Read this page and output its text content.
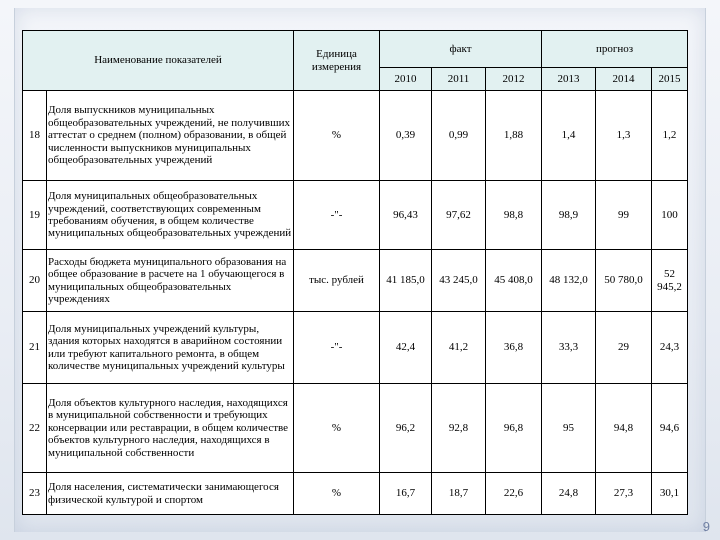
Наименование показателей		Единица измерения	факт			прогноз		
			2010	2011	2012	2013	2014	2015
18	Доля выпускников муниципальных общеобразовательных учреждений, не получивших аттестат о среднем (полном) образовании, в общей численности выпускников муниципальных общеобразовательных учреждений	%	0,39	0,99	1,88	1,4	1,3	1,2
19	Доля муниципальных общеобразовательных учреждений, соответствующих современным требованиям обучения, в общем количестве муниципальных общеобразовательных учреждений	-"-	96,43	97,62	98,8	98,9	99	100
20	Расходы бюджета муниципального образования на общее образование в расчете на 1 обучающегося в муниципальных общеобразовательных учреждениях	тыс. рублей	41 185,0	43 245,0	45 408,0	48 132,0	50 780,0	52 945,2
21	Доля муниципальных учреждений культуры, здания которых находятся в аварийном состоянии или требуют капитального ремонта, в общем количестве муниципальных учреждений культуры	-"-	42,4	41,2	36,8	33,3	29	24,3
22	Доля объектов культурного наследия, находящихся в муниципальной собственности и требующих консервации или реставрации, в общем количестве объектов культурного наследия, находящихся в муниципальной собственности	%	96,2	92,8	96,8	95	94,8	94,6
23	Доля населения, систематически занимающегося физической культурой и спортом	%	16,7	18,7	22,6	24,8	27,3	30,1
9
